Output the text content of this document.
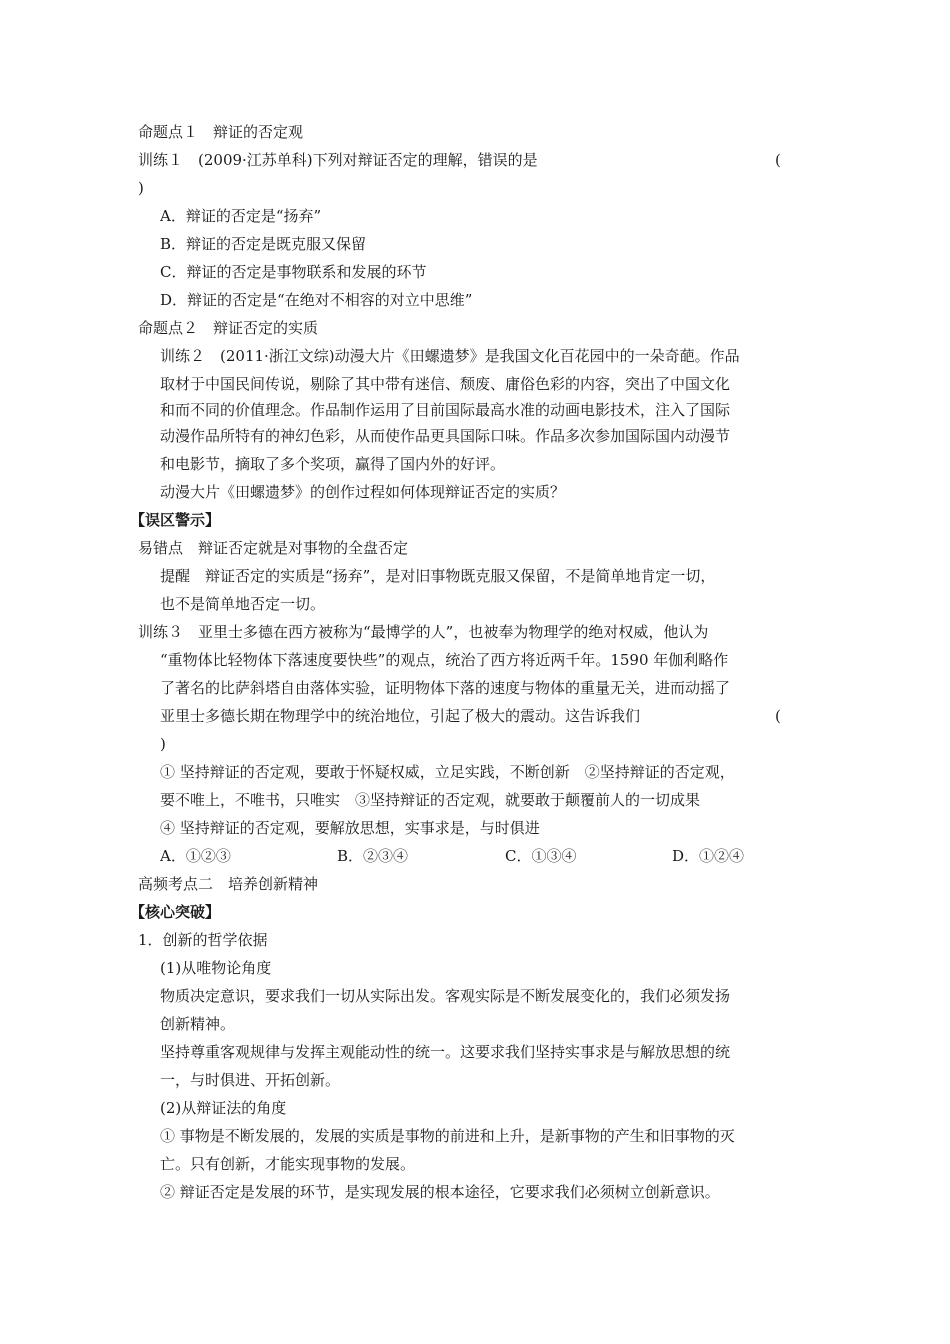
命题点１　辩证的否定观
训练１　(2009·江苏单科)下列对辩证否定的理解，错误的是	(
)
A．辩证的否定是“扬弃”
B．辩证的否定是既克服又保留
C．辩证的否定是事物联系和发展的环节
D．辩证的否定是“在绝对不相容的对立中思维”
命题点２　辩证否定的实质
训练２　(2011·浙江文综)动漫大片《田螺遗梦》是我国文化百花园中的一朵奇葩。作品
取材于中国民间传说，剔除了其中带有迷信、颓废、庸俗色彩的内容，突出了中国文化
和而不同的价值理念。作品制作运用了目前国际最高水准的动画电影技术，注入了国际
动漫作品所特有的神幻色彩，从而使作品更具国际口味。作品多次参加国际国内动漫节
和电影节，摘取了多个奖项，赢得了国内外的好评。
动漫大片《田螺遗梦》的创作过程如何体现辩证否定的实质？
【误区警示】
易错点　辩证否定就是对事物的全盘否定
提醒　辩证否定的实质是“扬弃”，是对旧事物既克服又保留，不是简单地肯定一切，
也不是简单地否定一切。
训练３　亚里士多德在西方被称为“最博学的人”，也被奉为物理学的绝对权威，他认为
“重物体比轻物体下落速度要快些”的观点，统治了西方将近两千年。1590 年伽利略作
了著名的比萨斜塔自由落体实验，证明物体下落的速度与物体的重量无关，进而动摇了
亚里士多德长期在物理学中的统治地位，引起了极大的震动。这告诉我们	(
)
① 坚持辩证的否定观，要敢于怀疑权威，立足实践，不断创新　②坚持辩证的否定观，
要不唯上，不唯书，只唯实　③坚持辩证的否定观，就要敢于颠覆前人的一切成果
④ 坚持辩证的否定观，要解放思想，实事求是，与时俱进
A．①②③	B．②③④	C．①③④	D．①②④
高频考点二　培养创新精神
【核心突破】
1．创新的哲学依据
(1)从唯物论角度
物质决定意识，要求我们一切从实际出发。客观实际是不断发展变化的，我们必须发扬
创新精神。
坚持尊重客观规律与发挥主观能动性的统一。这要求我们坚持实事求是与解放思想的统
一，与时俱进、开拓创新。
(2)从辩证法的角度
① 事物是不断发展的，发展的实质是事物的前进和上升，是新事物的产生和旧事物的灭
亡。只有创新，才能实现事物的发展。
② 辩证否定是发展的环节，是实现发展的根本途径，它要求我们必须树立创新意识。
